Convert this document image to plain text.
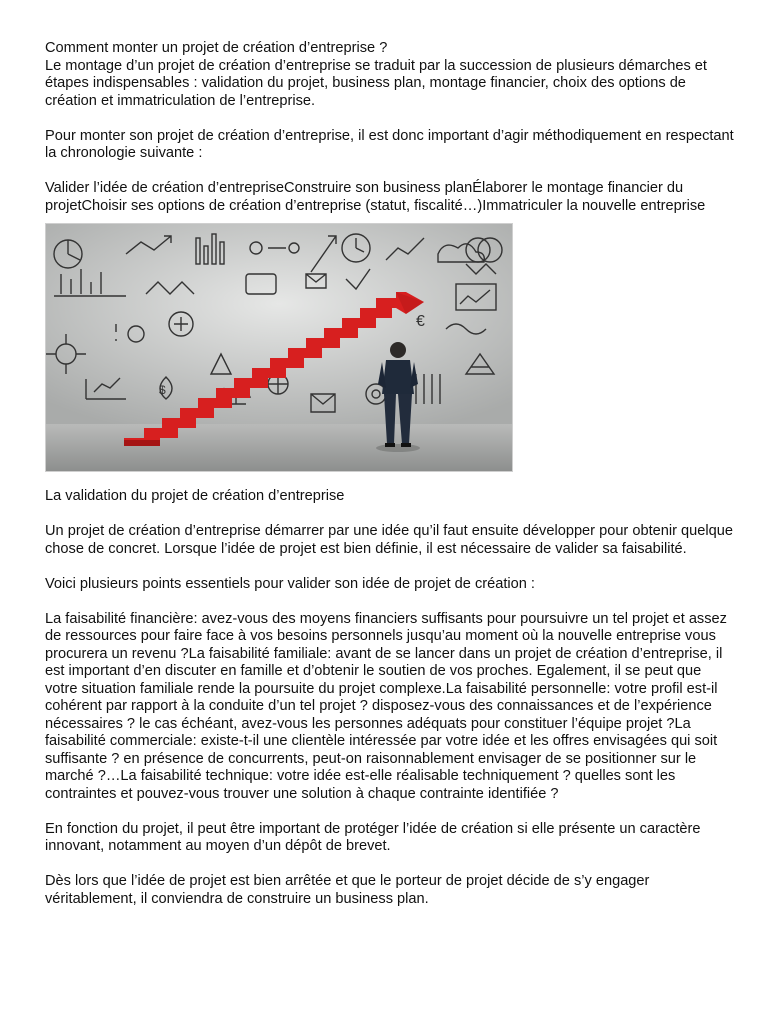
Comment monter un projet de création d’entreprise ?

Le montage d’un projet de création d’entreprise se traduit par la succession de plusieurs démarches et étapes indispensables : validation du projet, business plan, montage financier, choix des options de création et immatriculation de l’entreprise.

Pour monter son projet de création d’entreprise, il est donc important d’agir méthodiquement en respectant la chronologie suivante :

Valider l’idée de création d’entrepriseConstruire son business planÉlaborer le montage financier du projetChoisir ses options de création d’entreprise (statut, fiscalité…)Immatriculer la nouvelle entreprise

$
€

La validation du projet de création d’entreprise

Un projet de création d’entreprise démarrer par une idée qu’il faut ensuite développer pour obtenir quelque chose de concret. Lorsque l’idée de projet est bien définie, il est nécessaire de valider sa faisabilité.

Voici plusieurs points essentiels pour valider son idée de projet de création :

La faisabilité financière: avez-vous des moyens financiers suffisants pour poursuivre un tel projet et assez de ressources pour faire face à vos besoins personnels jusqu’au moment où la nouvelle entreprise vous procurera un revenu ?La faisabilité familiale: avant de se lancer dans un projet de création d’entreprise, il est important d’en discuter en famille et d’obtenir le soutien de vos proches. Egalement, il se peut que votre situation familiale rende la poursuite du projet complexe.La faisabilité personnelle: votre profil est-il cohérent par rapport à la conduite d’un tel projet ? disposez-vous des connaissances et de l’expérience nécessaires ? le cas échéant, avez-vous les personnes adéquats pour constituer l’équipe projet ?La faisabilité commerciale: existe-t-il une clientèle intéressée par votre idée et les offres envisagées qui soit suffisante ? en présence de concurrents, peut-on raisonnablement envisager de se positionner sur le marché ?…La faisabilité technique: votre idée est-elle réalisable techniquement ? quelles sont les contraintes et pouvez-vous trouver une solution à chaque contrainte identifiée ?

En fonction du projet, il peut être important de protéger l’idée de création si elle présente un caractère innovant, notamment au moyen d’un dépôt de brevet.

Dès lors que l’idée de projet est bien arrêtée et que le porteur de projet décide de s’y engager véritablement, il conviendra de construire un business plan.
